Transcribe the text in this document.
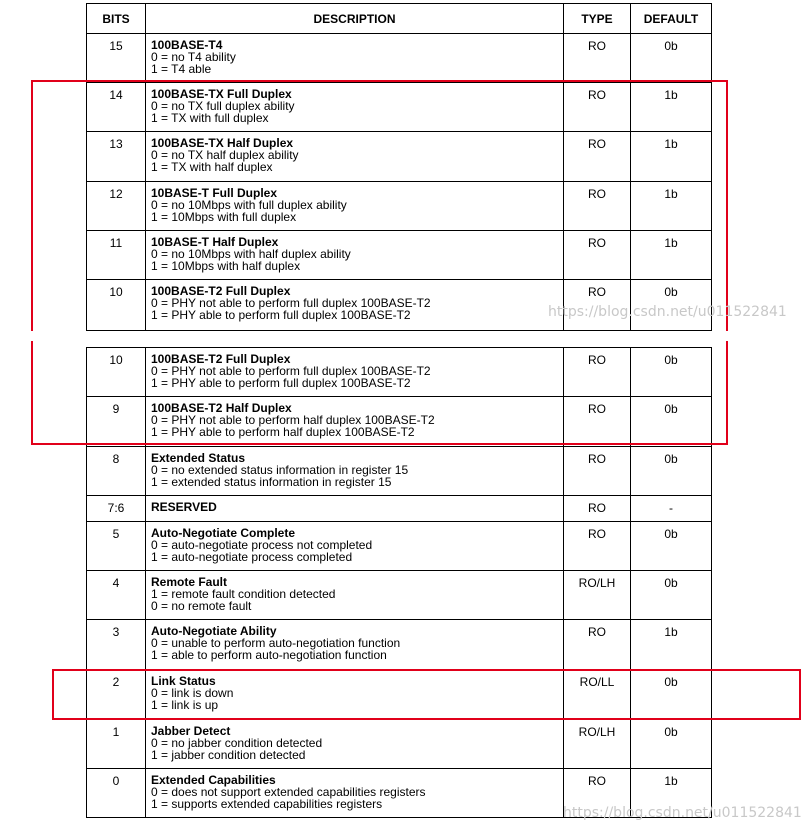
BITS	DESCRIPTION	TYPE	DEFAULT
15	100BASE-T4
0 = no T4 ability
1 = T4 able
RO	0b
14	100BASE-TX Full Duplex
0 = no TX full duplex ability
1 = TX with full duplex
RO	1b
13	100BASE-TX Half Duplex
0 = no TX half duplex ability
1 = TX with half duplex
RO	1b
12	10BASE-T Full Duplex
0 = no 10Mbps with full duplex ability
1 = 10Mbps with full duplex
RO	1b
11	10BASE-T Half Duplex
0 = no 10Mbps with half duplex ability
1 = 10Mbps with half duplex
RO	1b
10	100BASE-T2 Full Duplex
0 = PHY not able to perform full duplex 100BASE-T2
1 = PHY able to perform full duplex 100BASE-T2
RO	0b
10	100BASE-T2 Full Duplex
0 = PHY not able to perform full duplex 100BASE-T2
1 = PHY able to perform full duplex 100BASE-T2
RO	0b
9	100BASE-T2 Half Duplex
0 = PHY not able to perform half duplex 100BASE-T2
1 = PHY able to perform half duplex 100BASE-T2
RO	0b
8	Extended Status
0 = no extended status information in register 15
1 = extended status information in register 15
RO	0b
7:6	RESERVED	RO	-
5	Auto-Negotiate Complete
0 = auto-negotiate process not completed
1 = auto-negotiate process completed
RO	0b
4	Remote Fault
1 = remote fault condition detected
0 = no remote fault
RO/LH	0b
3	Auto-Negotiate Ability
0 = unable to perform auto-negotiation function
1 = able to perform auto-negotiation function
RO	1b
2	Link Status
0 = link is down
1 = link is up
RO/LL	0b
1	Jabber Detect
0 = no jabber condition detected
1 = jabber condition detected
RO/LH	0b
0	Extended Capabilities
0 = does not support extended capabilities registers
1 = supports extended capabilities registers
RO	1b
https://blog.csdn.net/u011522841
https://blog.csdn.net/u011522841
